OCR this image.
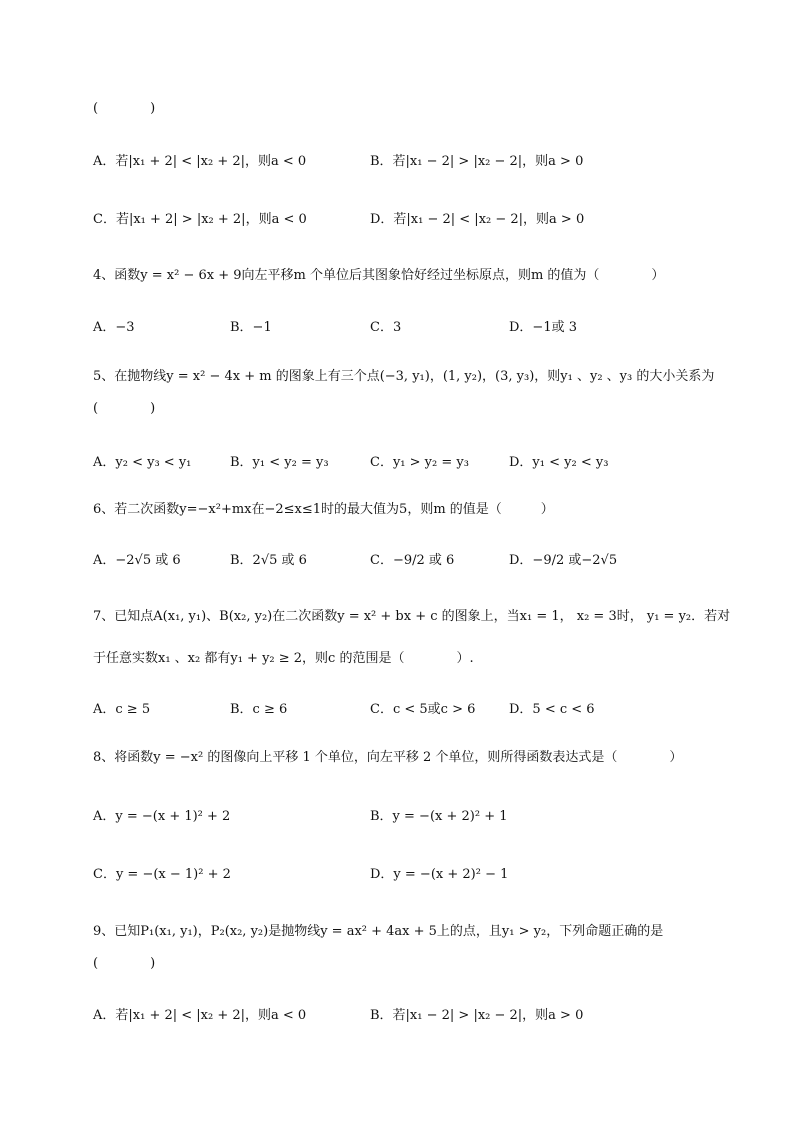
(　　　　)
A．若|x₁ + 2| < |x₂ + 2|，则a < 0	B．若|x₁ − 2| > |x₂ − 2|，则a > 0
C．若|x₁ + 2| > |x₂ + 2|，则a < 0	D．若|x₁ − 2| < |x₂ − 2|，则a > 0
4、函数y = x² − 6x + 9向左平移m 个单位后其图象恰好经过坐标原点，则m 的值为（　　　　）
A．−3	B．−1	C．3	D．−1或 3
5、在抛物线y = x² − 4x + m 的图象上有三个点(−3, y₁)，(1, y₂)，(3, y₃)，则y₁ 、y₂ 、y₃ 的大小关系为
(　　　　)
A．y₂ < y₃ < y₁	B．y₁ < y₂ = y₃	C．y₁ > y₂ = y₃	D．y₁ < y₂ < y₃
6、若二次函数y=−x²+mx在−2≤x≤1时的最大值为5，则m 的值是（　　　）
A．−2√5 或 6	B．2√5 或 6	C．−9/2 或 6	D．−9/2 或−2√5
7、已知点A(x₁, y₁)、B(x₂, y₂)在二次函数y = x² + bx + c 的图象上，当x₁ = 1， x₂ = 3时， y₁ = y₂．若对
于任意实数x₁ 、x₂ 都有y₁ + y₂ ≥ 2，则c 的范围是（　　　　）.
A．c ≥ 5	B．c ≥ 6	C．c < 5或c > 6	D．5 < c < 6
8、将函数y = −x² 的图像向上平移 1 个单位，向左平移 2 个单位，则所得函数表达式是（　　　　）
A．y = −(x + 1)² + 2	B．y = −(x + 2)² + 1
C．y = −(x − 1)² + 2	D．y = −(x + 2)² − 1
9、已知P₁(x₁, y₁)，P₂(x₂, y₂)是抛物线y = ax² + 4ax + 5上的点，且y₁ > y₂，下列命题正确的是
(　　　　)
A．若|x₁ + 2| < |x₂ + 2|，则a < 0	B．若|x₁ − 2| > |x₂ − 2|，则a > 0
